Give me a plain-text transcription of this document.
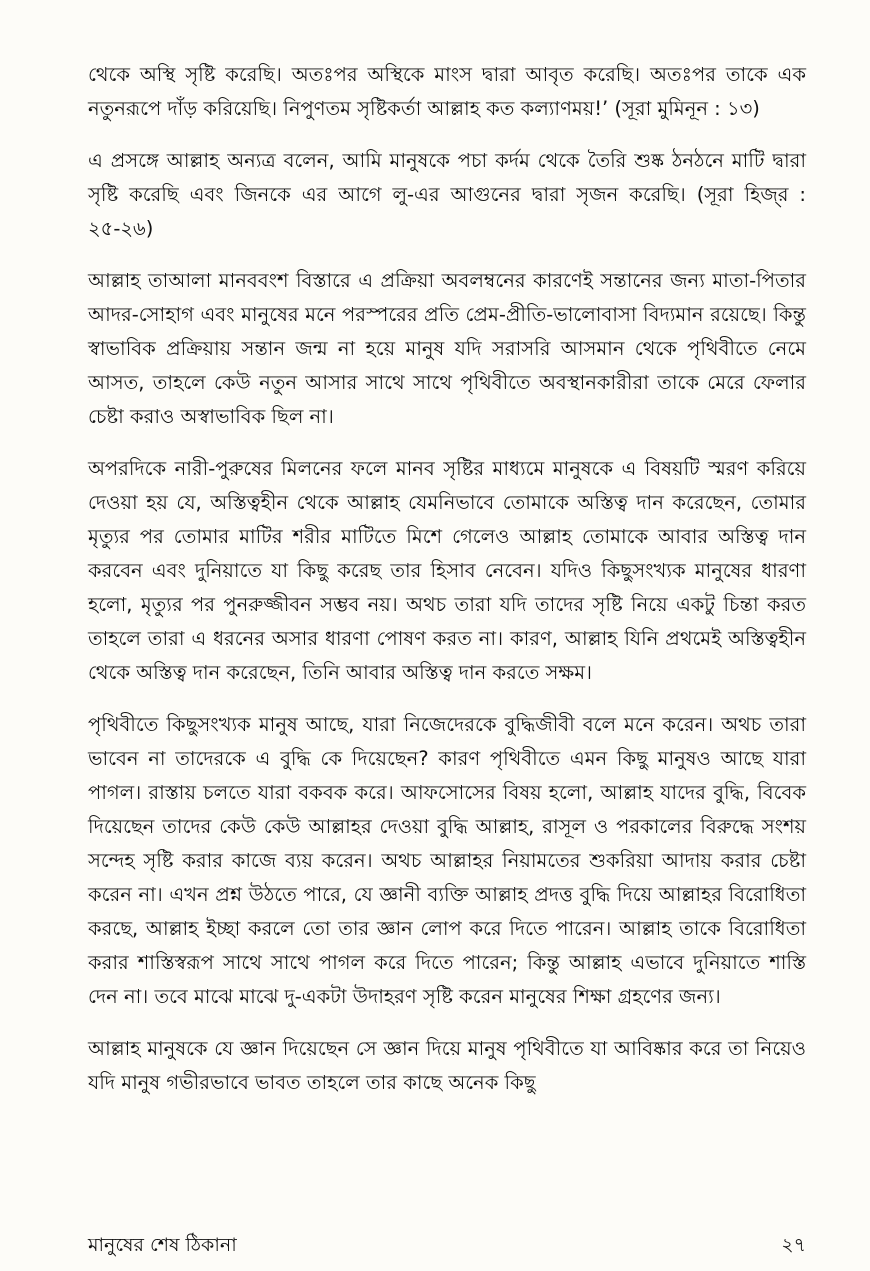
থেকে অস্থি সৃষ্টি করেছি। অতঃপর অস্থিকে মাংস দ্বারা আবৃত করেছি। অতঃপর তাকে এক নতুনরূপে দাঁড় করিয়েছি। নিপুণতম সৃষ্টিকর্তা আল্লাহ কত কল্যাণময়!’ (সূরা মুমিনূন : ১৩)

এ প্রসঙ্গে আল্লাহ অন্যত্র বলেন, আমি মানুষকে পচা কর্দম থেকে তৈরি শুষ্ক ঠনঠনে মাটি দ্বারা সৃষ্টি করেছি এবং জিনকে এর আগে লু-এর আগুনের দ্বারা সৃজন করেছি। (সূরা হিজ্‌র : ২৫-২৬)

আল্লাহ তাআলা মানববংশ বিস্তারে এ প্রক্রিয়া অবলম্বনের কারণেই সন্তানের জন্য মাতা-পিতার আদর-সোহাগ এবং মানুষের মনে পরস্পরের প্রতি প্রেম-প্রীতি-ভালোবাসা বিদ্যমান রয়েছে। কিন্তু স্বাভাবিক প্রক্রিয়ায় সন্তান জন্ম না হয়ে মানুষ যদি সরাসরি আসমান থেকে পৃথিবীতে নেমে আসত, তাহলে কেউ নতুন আসার সাথে সাথে পৃথিবীতে অবস্থানকারীরা তাকে মেরে ফেলার চেষ্টা করাও অস্বাভাবিক ছিল না।

অপরদিকে নারী-পুরুষের মিলনের ফলে মানব সৃষ্টির মাধ্যমে মানুষকে এ বিষয়টি স্মরণ করিয়ে দেওয়া হয় যে, অস্তিত্বহীন থেকে আল্লাহ যেমনিভাবে তোমাকে অস্তিত্ব দান করেছেন, তোমার মৃত্যুর পর তোমার মাটির শরীর মাটিতে মিশে গেলেও আল্লাহ তোমাকে আবার অস্তিত্ব দান করবেন এবং দুনিয়াতে যা কিছু করেছ তার হিসাব নেবেন। যদিও কিছুসংখ্যক মানুষের ধারণা হলো, মৃত্যুর পর পুনরুজ্জীবন সম্ভব নয়। অথচ তারা যদি তাদের সৃষ্টি নিয়ে একটু চিন্তা করত তাহলে তারা এ ধরনের অসার ধারণা পোষণ করত না। কারণ, আল্লাহ যিনি প্রথমেই অস্তিত্বহীন থেকে অস্তিত্ব দান করেছেন, তিনি আবার অস্তিত্ব দান করতে সক্ষম।

পৃথিবীতে কিছুসংখ্যক মানুষ আছে, যারা নিজেদেরকে বুদ্ধিজীবী বলে মনে করেন। অথচ তারা ভাবেন না তাদেরকে এ বুদ্ধি কে দিয়েছেন? কারণ পৃথিবীতে এমন কিছু মানুষও আছে যারা পাগল। রাস্তায় চলতে যারা বকবক করে। আফসোসের বিষয় হলো, আল্লাহ যাদের বুদ্ধি, বিবেক দিয়েছেন তাদের কেউ কেউ আল্লাহর দেওয়া বুদ্ধি আল্লাহ, রাসূল ও পরকালের বিরুদ্ধে সংশয় সন্দেহ সৃষ্টি করার কাজে ব্যয় করেন। অথচ আল্লাহর নিয়ামতের শুকরিয়া আদায় করার চেষ্টা করেন না। এখন প্রশ্ন উঠতে পারে, যে জ্ঞানী ব্যক্তি আল্লাহ প্রদত্ত বুদ্ধি দিয়ে আল্লাহর বিরোধিতা করছে, আল্লাহ ইচ্ছা করলে তো তার জ্ঞান লোপ করে দিতে পারেন। আল্লাহ তাকে বিরোধিতা করার শাস্তিস্বরূপ সাথে সাথে পাগল করে দিতে পারেন; কিন্তু আল্লাহ এভাবে দুনিয়াতে শাস্তি দেন না। তবে মাঝে মাঝে দু-একটা উদাহরণ সৃষ্টি করেন মানুষের শিক্ষা গ্রহণের জন্য।

আল্লাহ মানুষকে যে জ্ঞান দিয়েছেন সে জ্ঞান দিয়ে মানুষ পৃথিবীতে যা আবিষ্কার করে তা নিয়েও যদি মানুষ গভীরভাবে ভাবত তাহলে তার কাছে অনেক কিছু

মানুষের শেষ ঠিকানা	২৭
